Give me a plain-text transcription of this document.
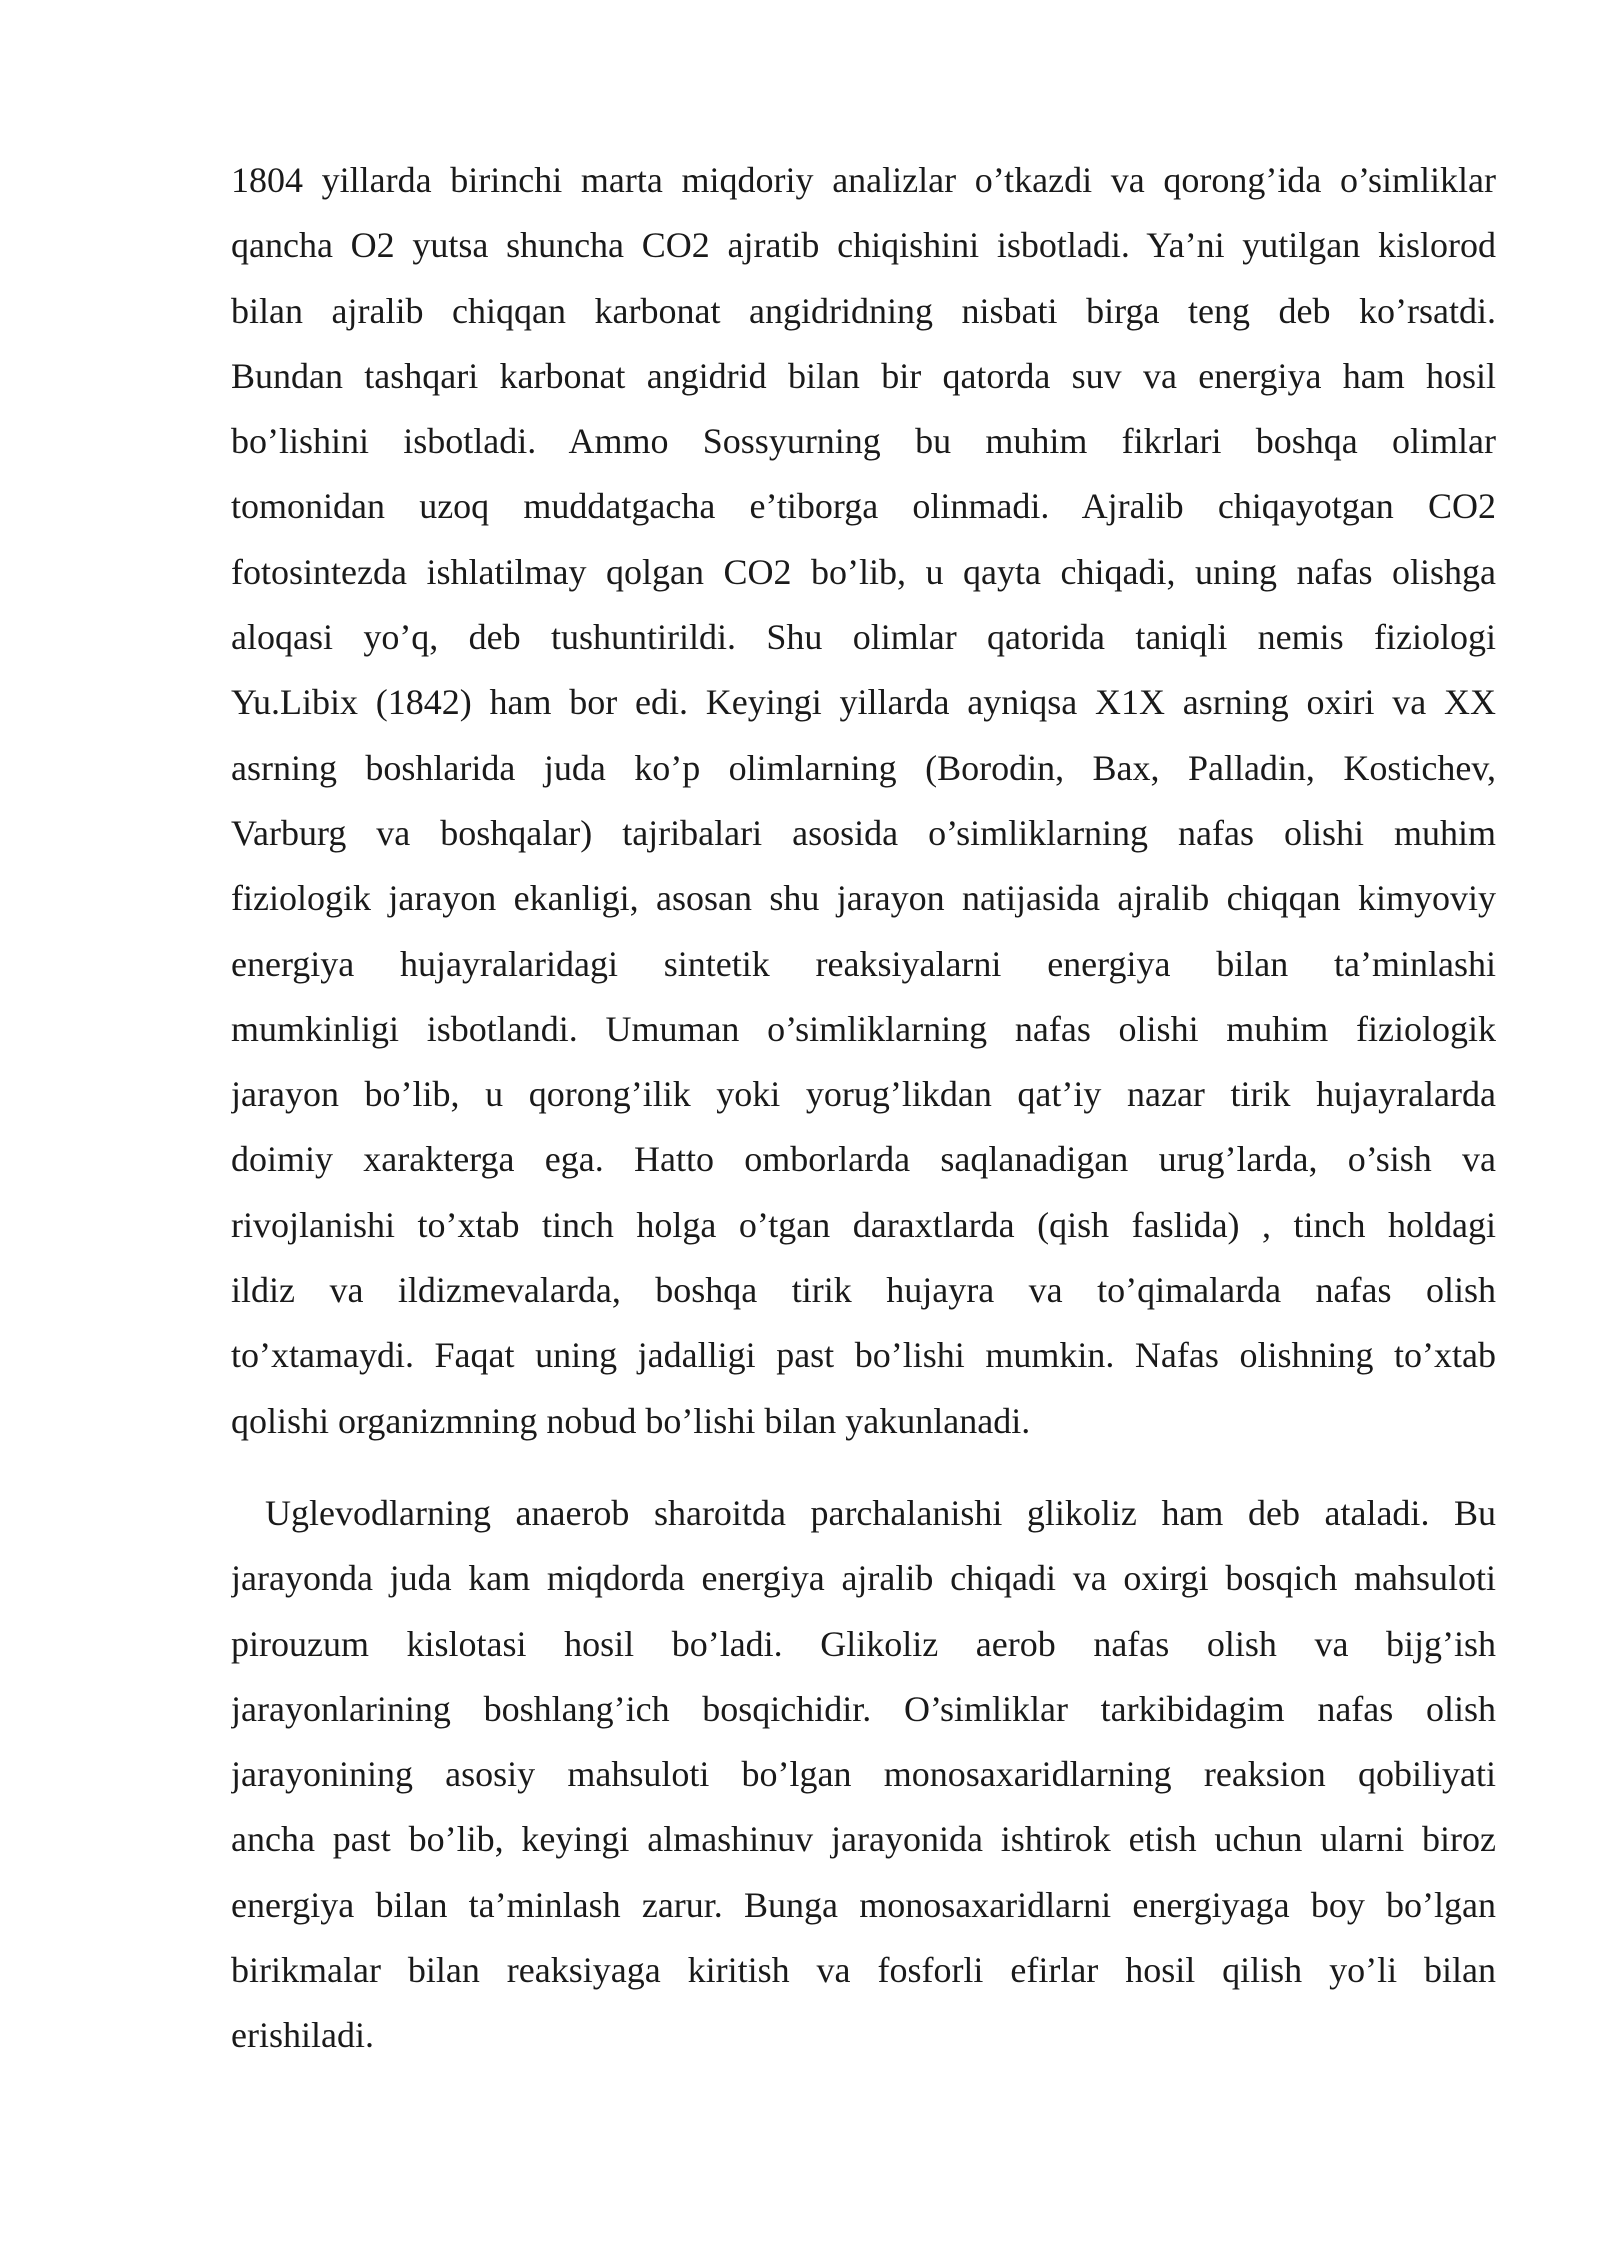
1804 yillarda birinchi marta miqdoriy analizlar o’tkazdi va qorong’ida o’simliklar
qancha O2 yutsa shuncha CO2 ajratib chiqishini isbotladi. Ya’ni yutilgan kislorod
bilan ajralib chiqqan karbonat angidridning nisbati birga teng deb ko’rsatdi.
Bundan tashqari karbonat angidrid bilan bir qatorda suv va energiya ham hosil
bo’lishini isbotladi. Ammo Sossyurning bu muhim fikrlari boshqa olimlar
tomonidan uzoq muddatgacha e’tiborga olinmadi. Ajralib chiqayotgan CO2
fotosintezda ishlatilmay qolgan CO2 bo’lib, u qayta chiqadi, uning nafas olishga
aloqasi yo’q, deb tushuntirildi. Shu olimlar qatorida taniqli nemis fiziologi
Yu.Libix (1842) ham bor edi. Keyingi yillarda ayniqsa X1X asrning oxiri va XX
asrning boshlarida juda ko’p olimlarning (Borodin, Bax, Palladin, Kostichev,
Varburg va boshqalar) tajribalari asosida o’simliklarning nafas olishi muhim
fiziologik jarayon ekanligi, asosan shu jarayon natijasida ajralib chiqqan kimyoviy
energiya hujayralaridagi sintetik reaksiyalarni energiya bilan ta’minlashi
mumkinligi isbotlandi. Umuman o’simliklarning nafas olishi muhim fiziologik
jarayon bo’lib, u qorong’ilik yoki yorug’likdan qat’iy nazar tirik hujayralarda
doimiy xarakterga ega. Hatto omborlarda saqlanadigan urug’larda, o’sish va
rivojlanishi to’xtab tinch holga o’tgan daraxtlarda (qish faslida) , tinch holdagi
ildiz va ildizmevalarda, boshqa tirik hujayra va to’qimalarda nafas olish
to’xtamaydi. Faqat uning jadalligi past bo’lishi mumkin. Nafas olishning to’xtab
qolishi organizmning nobud bo’lishi bilan yakunlanadi.
Uglevodlarning anaerob sharoitda parchalanishi glikoliz ham deb ataladi. Bu
jarayonda juda kam miqdorda energiya ajralib chiqadi va oxirgi bosqich mahsuloti
pirouzum kislotasi hosil bo’ladi. Glikoliz aerob nafas olish va bijg’ish
jarayonlarining boshlang’ich bosqichidir. O’simliklar tarkibidagim nafas olish
jarayonining asosiy mahsuloti bo’lgan monosaxaridlarning reaksion qobiliyati
ancha past bo’lib, keyingi almashinuv jarayonida ishtirok etish uchun ularni biroz
energiya bilan ta’minlash zarur. Bunga monosaxaridlarni energiyaga boy bo’lgan
birikmalar bilan reaksiyaga kiritish va fosforli efirlar hosil qilish yo’li bilan
erishiladi.
